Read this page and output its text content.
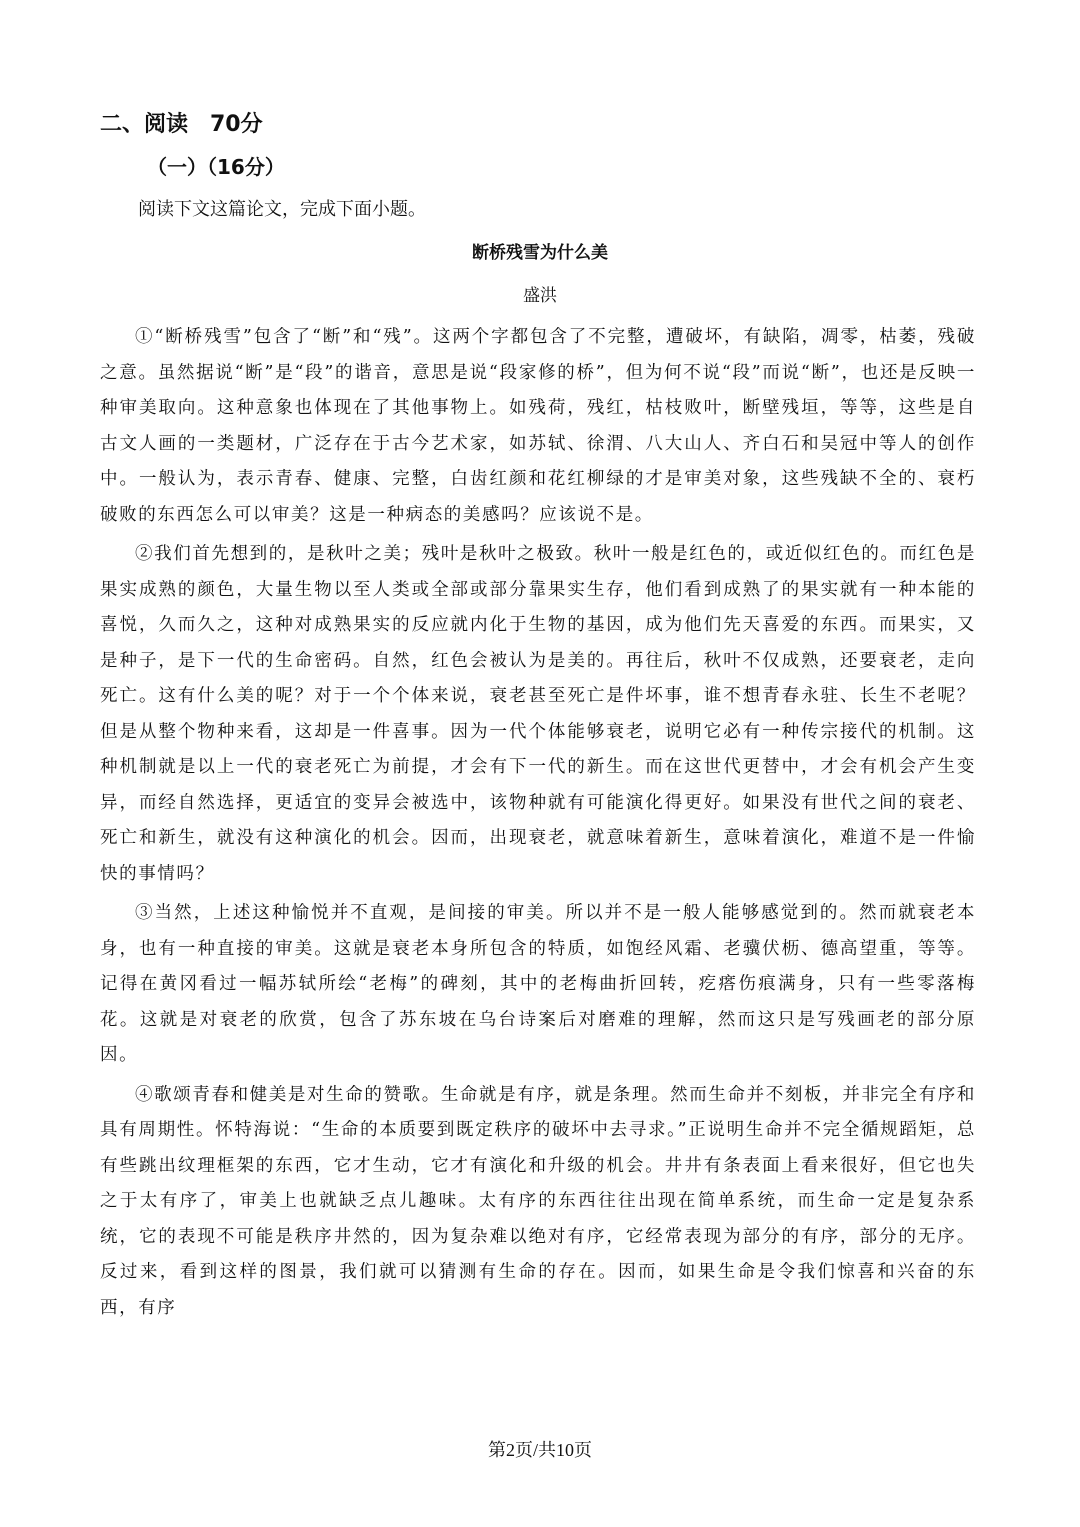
二、阅读　70分
（一）（16分）
阅读下文这篇论文，完成下面小题。
断桥残雪为什么美
盛洪

①“断桥残雪”包含了“断”和“残”。这两个字都包含了不完整，遭破坏，有缺陷，凋零，枯萎，残破之意。虽然据说“断”是“段”的谐音，意思是说“段家修的桥”，但为何不说“段”而说“断”，也还是反映一种审美取向。这种意象也体现在了其他事物上。如残荷，残红，枯枝败叶，断壁残垣，等等，这些是自古文人画的一类题材，广泛存在于古今艺术家，如苏轼、徐渭、八大山人、齐白石和吴冠中等人的创作中。一般认为，表示青春、健康、完整，白齿红颜和花红柳绿的才是审美对象，这些残缺不全的、衰朽破败的东西怎么可以审美？这是一种病态的美感吗？应该说不是。

②我们首先想到的，是秋叶之美；残叶是秋叶之极致。秋叶一般是红色的，或近似红色的。而红色是果实成熟的颜色，大量生物以至人类或全部或部分靠果实生存，他们看到成熟了的果实就有一种本能的喜悦，久而久之，这种对成熟果实的反应就内化于生物的基因，成为他们先天喜爱的东西。而果实，又是种子，是下一代的生命密码。自然，红色会被认为是美的。再往后，秋叶不仅成熟，还要衰老，走向死亡。这有什么美的呢？对于一个个体来说，衰老甚至死亡是件坏事，谁不想青春永驻、长生不老呢？但是从整个物种来看，这却是一件喜事。因为一代个体能够衰老，说明它必有一种传宗接代的机制。这种机制就是以上一代的衰老死亡为前提，才会有下一代的新生。而在这世代更替中，才会有机会产生变异，而经自然选择，更适宜的变异会被选中，该物种就有可能演化得更好。如果没有世代之间的衰老、死亡和新生，就没有这种演化的机会。因而，出现衰老，就意味着新生，意味着演化，难道不是一件愉快的事情吗？

③当然，上述这种愉悦并不直观，是间接的审美。所以并不是一般人能够感觉到的。然而就衰老本身，也有一种直接的审美。这就是衰老本身所包含的特质，如饱经风霜、老骥伏枥、德高望重，等等。记得在黄冈看过一幅苏轼所绘“老梅”的碑刻，其中的老梅曲折回转，疙瘩伤痕满身，只有一些零落梅花。这就是对衰老的欣赏，包含了苏东坡在乌台诗案后对磨难的理解，然而这只是写残画老的部分原因。

④歌颂青春和健美是对生命的赞歌。生命就是有序，就是条理。然而生命并不刻板，并非完全有序和具有周期性。怀特海说：“生命的本质要到既定秩序的破坏中去寻求。”正说明生命并不完全循规蹈矩，总有些跳出纹理框架的东西，它才生动，它才有演化和升级的机会。井井有条表面上看来很好，但它也失之于太有序了，审美上也就缺乏点儿趣味。太有序的东西往往出现在简单系统，而生命一定是复杂系统，它的表现不可能是秩序井然的，因为复杂难以绝对有序，它经常表现为部分的有序，部分的无序。反过来，看到这样的图景，我们就可以猜测有生命的存在。因而，如果生命是令我们惊喜和兴奋的东西，有序

第2页/共10页
